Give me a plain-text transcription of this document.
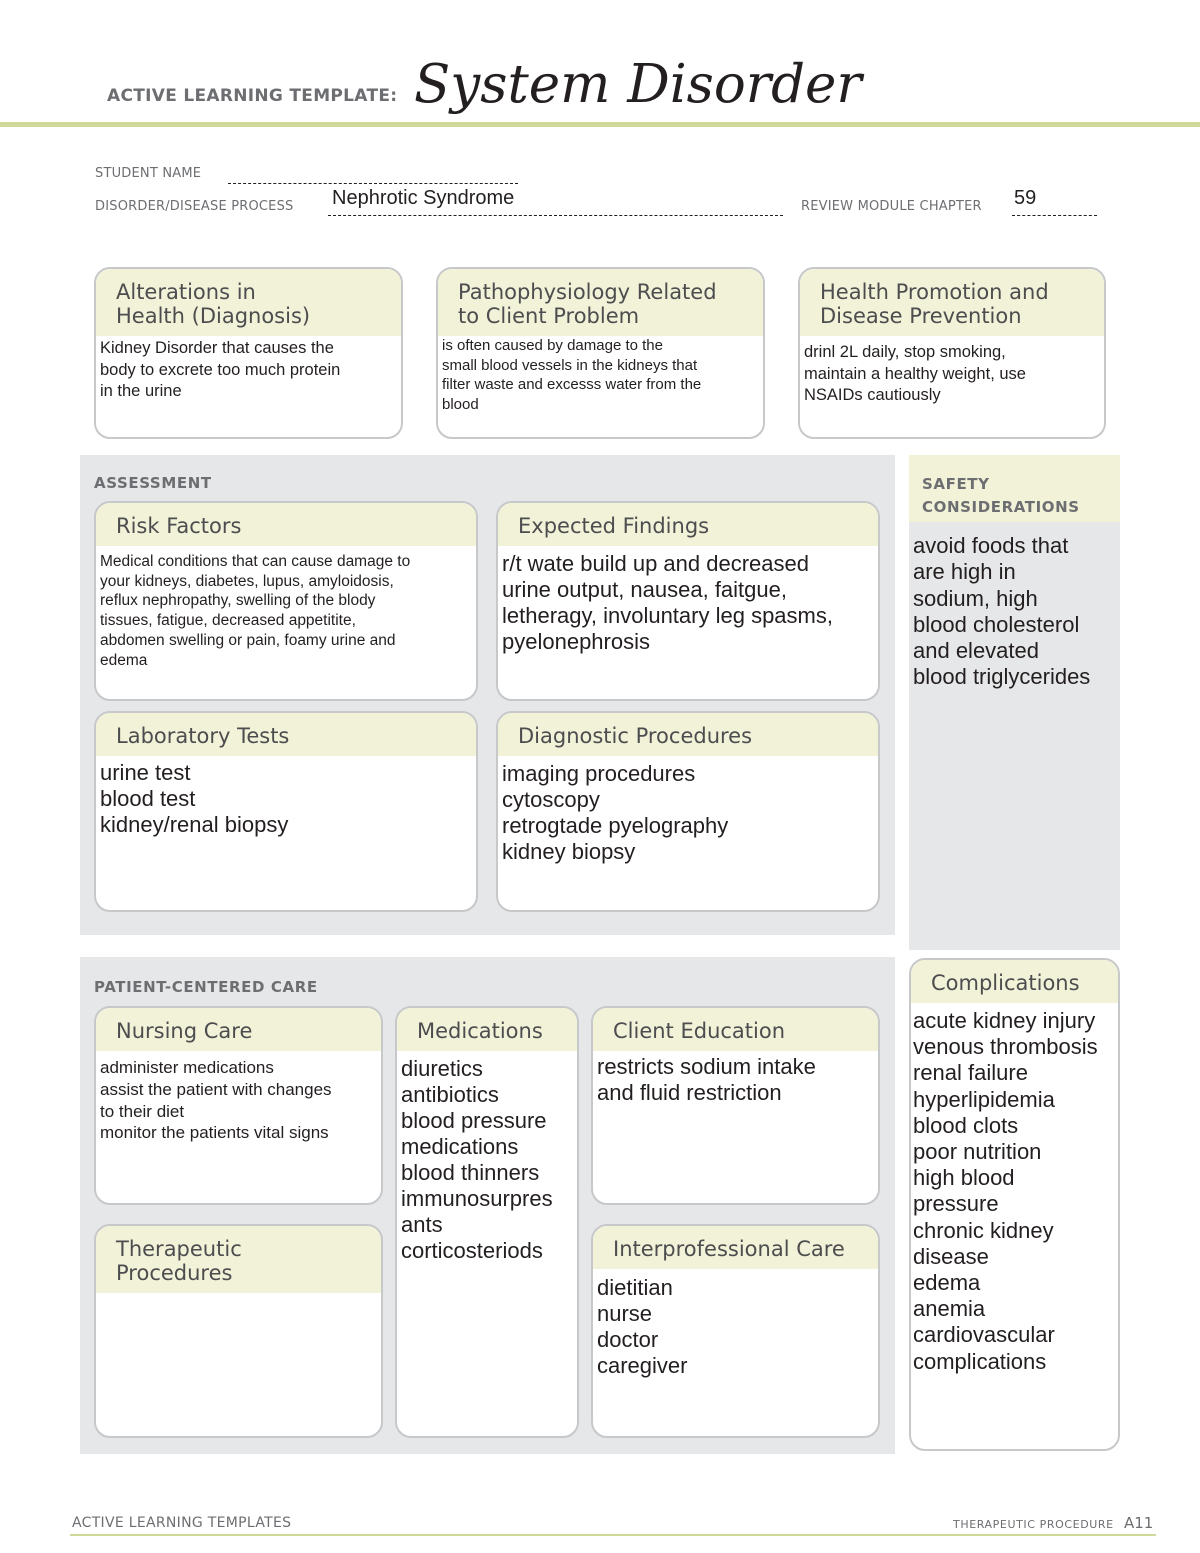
ACTIVE LEARNING TEMPLATE: System Disorder
STUDENT NAME
DISORDER/DISEASE PROCESS Nephrotic Syndrome	REVIEW MODULE CHAPTER 59
Alterations in
Health (Diagnosis)
Kidney Disorder that causes the
body to excrete too much protein
in the urine
Pathophysiology Related
to Client Problem
is often caused by damage to the
small blood vessels in the kidneys that
filter waste and excesss water from the
blood
Health Promotion and
Disease Prevention
drinl 2L daily, stop smoking,
maintain a healthy weight, use
NSAIDs cautiously
ASSESSMENT
Risk Factors
Medical conditions that can cause damage to
your kidneys, diabetes, lupus, amyloidosis,
reflux nephropathy, swelling of the blody
tissues, fatigue, decreased appetitite,
abdomen swelling or pain, foamy urine and
edema
Expected Findings
r/t wate build up and decreased
urine output, nausea, faitgue,
letheragy, involuntary leg spasms,
pyelonephrosis
Laboratory Tests
urine test
blood test
kidney/renal biopsy
Diagnostic Procedures
imaging procedures
cytoscopy
retrogtade pyelography
kidney biopsy
SAFETY
CONSIDERATIONS
avoid foods that
are high in
sodium, high
blood cholesterol
and elevated
blood triglycerides
PATIENT-CENTERED CARE
Nursing Care
administer medications
assist the patient with changes
to their diet
monitor the patients vital signs
Medications
diuretics
antibiotics
blood pressure
medications
blood thinners
immunosurpres
ants
corticosteriods
Client Education
restricts sodium intake
and fluid restriction
Therapeutic Procedures
Interprofessional Care
dietitian
nurse
doctor
caregiver
Complications
acute kidney injury
venous thrombosis
renal failure
hyperlipidemia
blood clots
poor nutrition
high blood
pressure
chronic kidney
disease
edema
anemia
cardiovascular
complications
ACTIVE LEARNING TEMPLATES	THERAPEUTIC PROCEDURE A11
